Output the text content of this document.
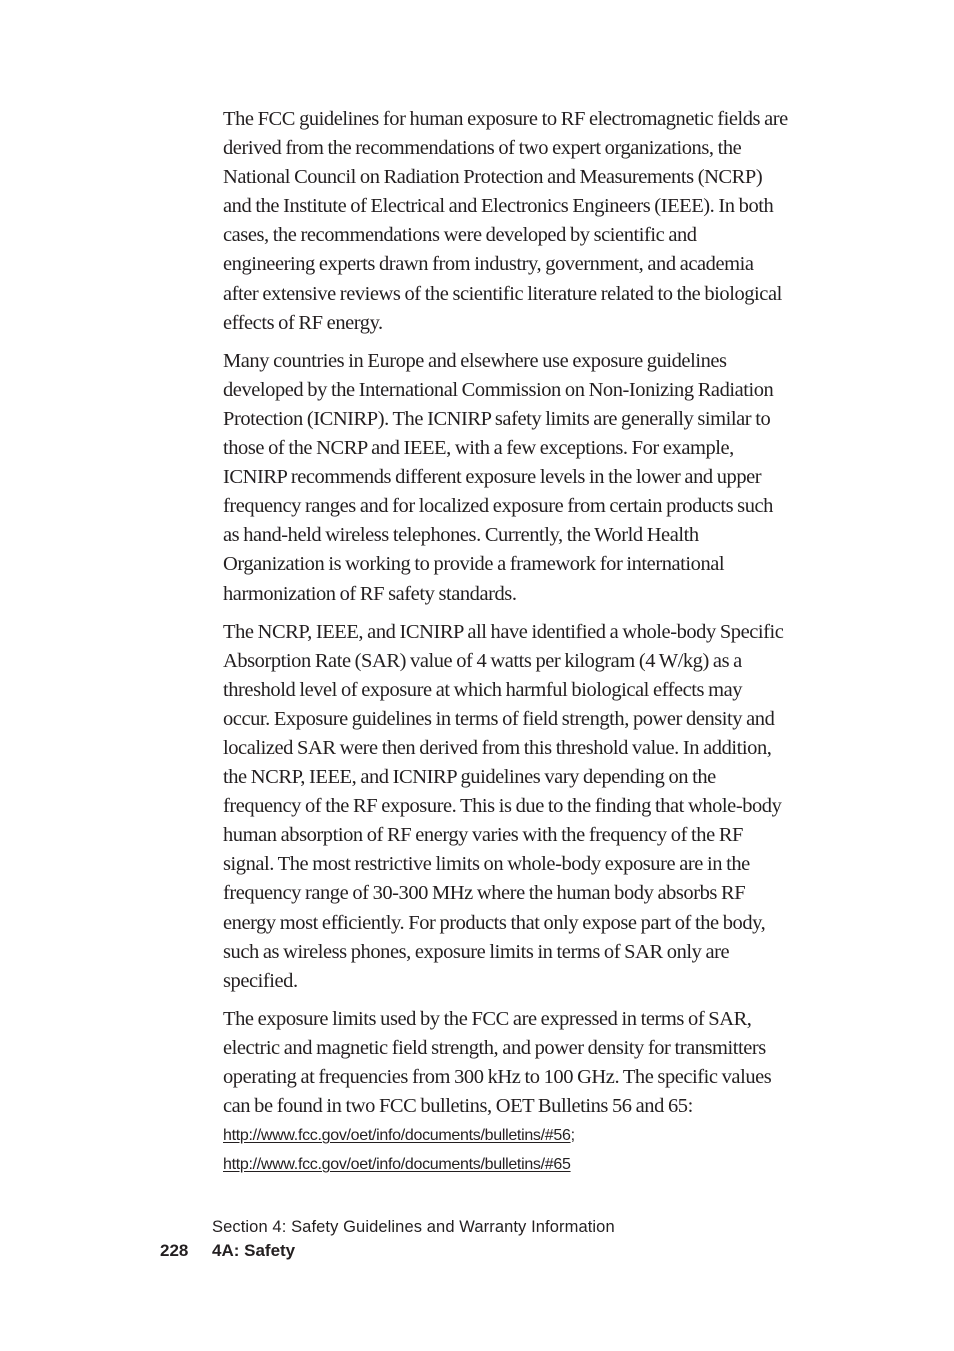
The FCC guidelines for human exposure to RF electromagnetic fields are derived from the recommendations of two expert organizations, the National Council on Radiation Protection and Measurements (NCRP) and the Institute of Electrical and Electronics Engineers (IEEE). In both cases, the recommendations were developed by scientific and engineering experts drawn from industry, government, and academia after extensive reviews of the scientific literature related to the biological effects of RF energy.

Many countries in Europe and elsewhere use exposure guidelines developed by the International Commission on Non-Ionizing Radiation Protection (ICNIRP). The ICNIRP safety limits are generally similar to those of the NCRP and IEEE, with a few exceptions. For example, ICNIRP recommends different exposure levels in the lower and upper frequency ranges and for localized exposure from certain products such as hand-held wireless telephones. Currently, the World Health Organization is working to provide a framework for international harmonization of RF safety standards.

The NCRP, IEEE, and ICNIRP all have identified a whole-body Specific Absorption Rate (SAR) value of 4 watts per kilogram (4 W/kg) as a threshold level of exposure at which harmful biological effects may occur. Exposure guidelines in terms of field strength, power density and localized SAR were then derived from this threshold value. In addition, the NCRP, IEEE, and ICNIRP guidelines vary depending on the frequency of the RF exposure. This is due to the finding that whole-body human absorption of RF energy varies with the frequency of the RF signal. The most restrictive limits on whole-body exposure are in the frequency range of 30-300 MHz where the human body absorbs RF energy most efficiently. For products that only expose part of the body, such as wireless phones, exposure limits in terms of SAR only are specified.

The exposure limits used by the FCC are expressed in terms of SAR, electric and magnetic field strength, and power density for transmitters operating at frequencies from 300 kHz to 100 GHz. The specific values can be found in two FCC bulletins, OET Bulletins 56 and 65:

http://www.fcc.gov/oet/info/documents/bulletins/#56;
http://www.fcc.gov/oet/info/documents/bulletins/#65
Section 4: Safety Guidelines and Warranty Information
228 4A: Safety
